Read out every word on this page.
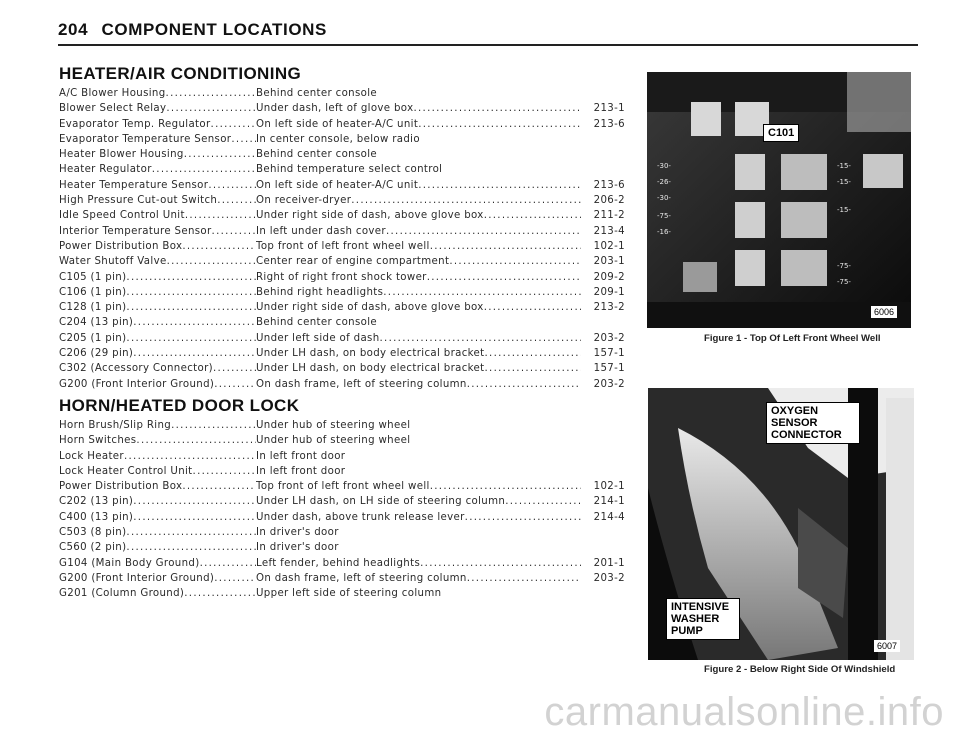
204 COMPONENT LOCATIONS
HEATER/AIR CONDITIONING
A/C Blower Housing .....	Behind center console
Blower Select Relay .....	Under dash, left of glove box .....	213-1
Evaporator Temp. Regulator .....	On left side of heater-A/C unit .....	213-6
Evaporator Temperature Sensor ..... In center console, below radio
Heater Blower Housing .....	Behind center console
Heater Regulator .....	Behind temperature select control
Heater Temperature Sensor .....	On left side of heater-A/C unit .....	213-6
High Pressure Cut-out Switch .....	On receiver-dryer .....	206-2
Idle Speed Control Unit .....	Under right side of dash, above glove box .....	211-2
Interior Temperature Sensor .....	In left under dash cover .....	213-4
Power Distribution Box .....	Top front of left front wheel well .....	102-1
Water Shutoff Valve .....	Center rear of engine compartment .....	203-1
C105 (1 pin) .....	Right of right front shock tower .....	209-2
C106 (1 pin) .....	Behind right headlights .....	209-1
C128 (1 pin) .....	Under right side of dash, above glove box .....	213-2
C204 (13 pin) .....	Behind center console
C205 (1 pin) .....	Under left side of dash .....	203-2
C206 (29 pin) .....	Under LH dash, on body electrical bracket .....	157-1
C302 (Accessory Connector) .....	Under LH dash, on body electrical bracket .....	157-1
G200 (Front Interior Ground) .....	On dash frame, left of steering column .....	203-2
HORN/HEATED DOOR LOCK
Horn Brush/Slip Ring .....	Under hub of steering wheel
Horn Switches .....	Under hub of steering wheel
Lock Heater .....	In left front door
Lock Heater Control Unit .....	In left front door
Power Distribution Box .....	Top front of left front wheel well .....	102-1
C202 (13 pin) .....	Under LH dash, on LH side of steering column .....	214-1
C400 (13 pin) .....	Under dash, above trunk release lever .....	214-4
C503 (8 pin) .....	In driver's door
C560 (2 pin) .....	In driver's door
G104 (Main Body Ground) .....	Left fender, behind headlights .....	201-1
G200 (Front Interior Ground) .....	On dash frame, left of steering column .....	203-2
G201 (Column Ground) .....	Upper left side of steering column
-30-
-26-
-30-
-75-
-16-
-15-
-15-
-15-
-75-
-75-
C101
6006
Figure 1 - Top Of Left Front Wheel Well
OXYGEN SENSOR CONNECTOR
INTENSIVE WASHER PUMP
6007
Figure 2 - Below Right Side Of Windshield
carmanualsonline.info
